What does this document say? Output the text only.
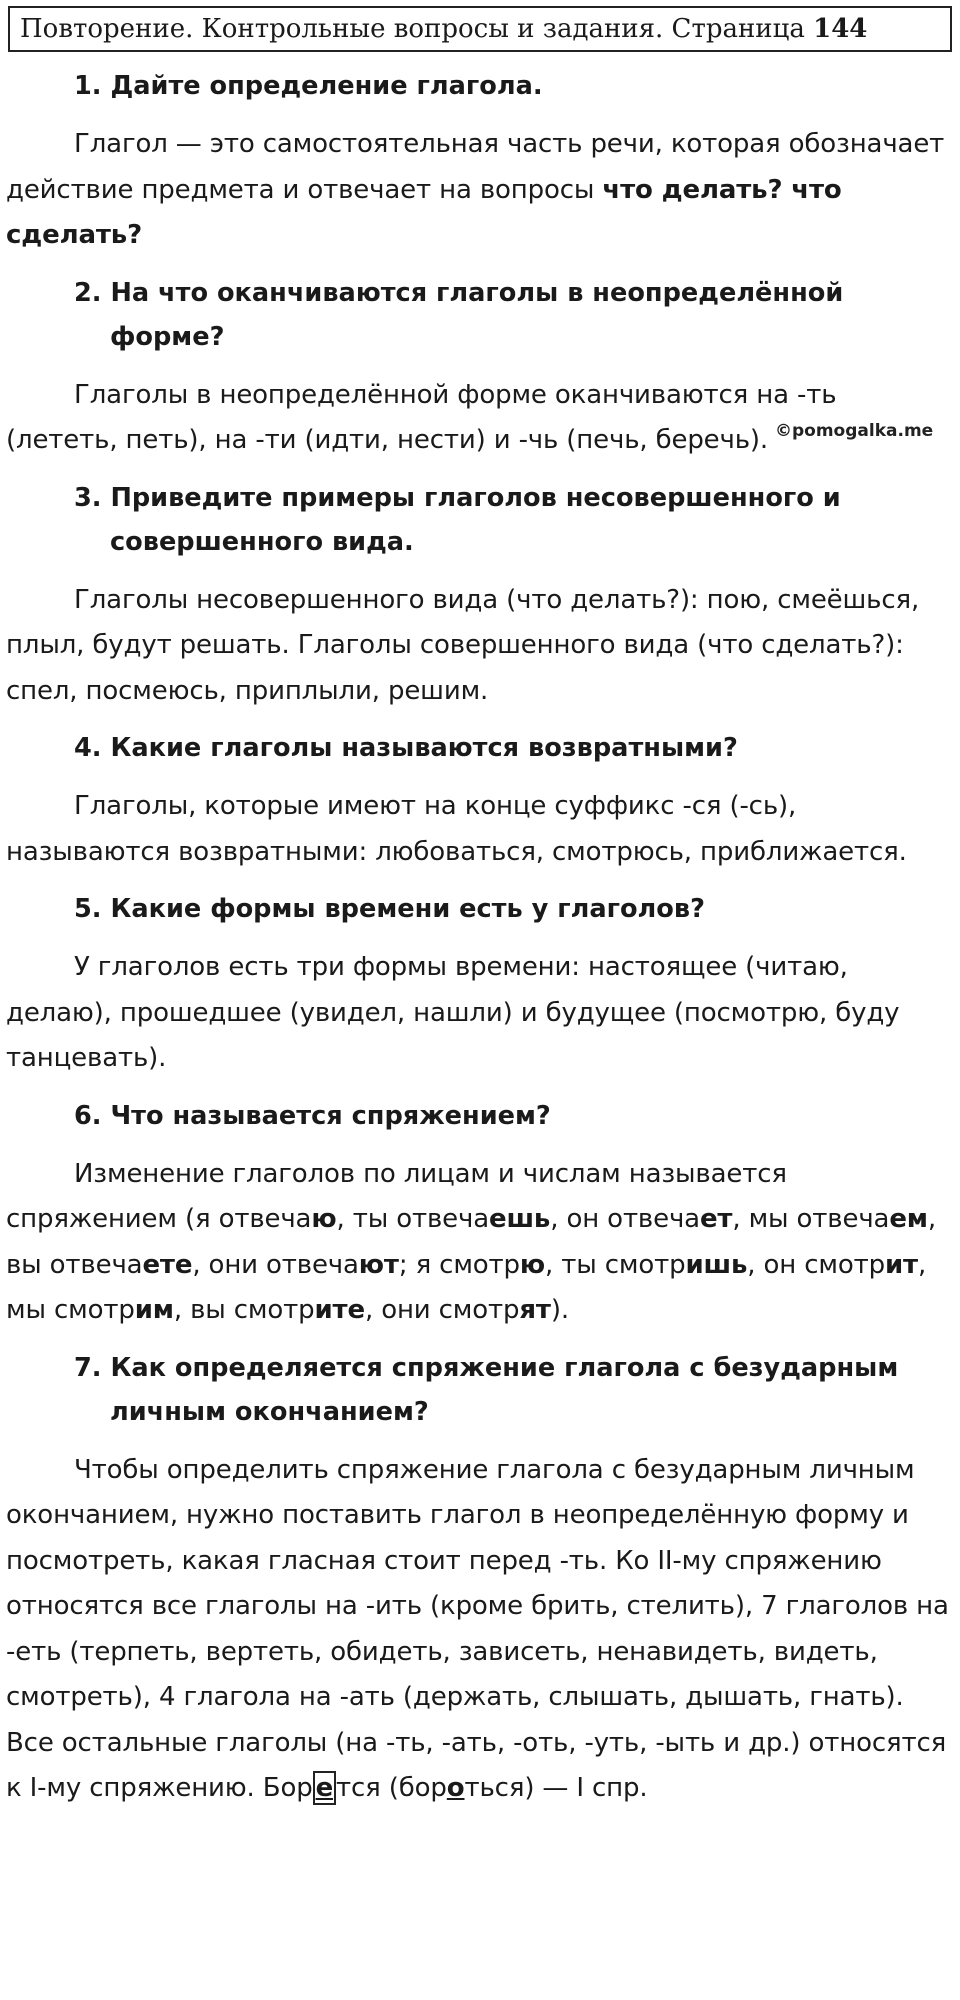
Повторение. Контрольные вопросы и задания. Страница 144
©pomogalka.me
1. Дайте определение глагола.
Глагол — это самостоятельная часть речи, которая обозначает действие предмета и отвечает на вопросы что делать? что сделать?
2. На что оканчиваются глаголы в неопределённой форме?
Глаголы в неопределённой форме оканчиваются на -ть (лететь, петь), на -ти (идти, нести) и -чь (печь, беречь).
3. Приведите примеры глаголов несовершенного и совершенного вида.
Глаголы несовершенного вида (что делать?): пою, смеёшься, плыл, будут решать. Глаголы совершенного вида (что сделать?): спел, посмеюсь, приплыли, решим.
4. Какие глаголы называются возвратными?
Глаголы, которые имеют на конце суффикс -ся (-сь), называются возвратными: любоваться, смотрюсь, приближается.
5. Какие формы времени есть у глаголов?
У глаголов есть три формы времени: настоящее (читаю, делаю), прошедшее (увидел, нашли) и будущее (посмотрю, буду танцевать).
6. Что называется спряжением?
Изменение глаголов по лицам и числам называется спряжением (я отвечаю, ты отвечаешь, он отвечает, мы отвечаем, вы отвечаете, они отвечают; я смотрю, ты смотришь, он смотрит, мы смотрим, вы смотрите, они смотрят).
7. Как определяется спряжение глагола с безударным личным окончанием?
Чтобы определить спряжение глагола с безударным личным окончанием, нужно поставить глагол в неопределённую форму и посмотреть, какая гласная стоит перед -ть. Ко II-му спряжению относятся все глаголы на -ить (кроме брить, стелить), 7 глаголов на -еть (терпеть, вертеть, обидеть, зависеть, ненавидеть, видеть, смотреть), 4 глагола на -ать (держать, слышать, дышать, гнать). Все остальные глаголы (на -ть, -ать, -оть, -уть, -ыть и др.) относятся к I-му спряжению. Бор е тся (бороться) — I спр.
